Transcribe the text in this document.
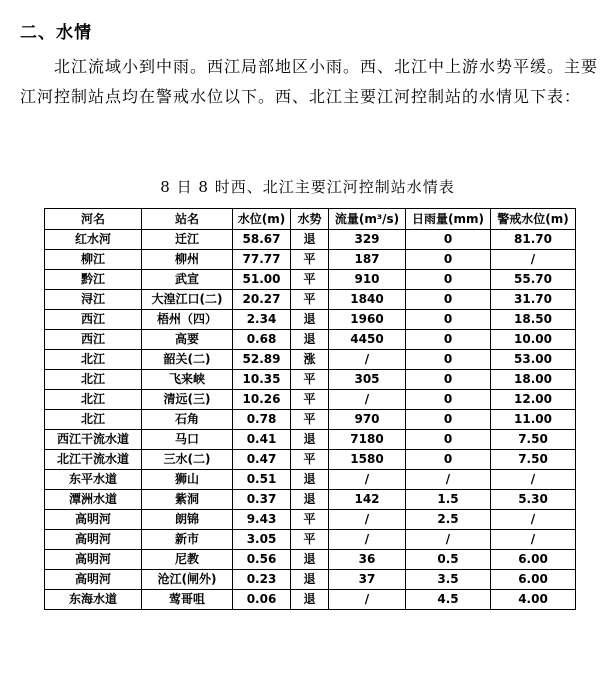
二、水情
北江流域小到中雨。西江局部地区小雨。西、北江中上游水势平缓。主要江河控制站点均在警戒水位以下。西、北江主要江河控制站的水情见下表：
8 日 8 时西、北江主要江河控制站水情表
河名	站名	水位(m)	水势	流量(m³/s)	日雨量(mm)	警戒水位(m)
红水河	迁江	58.67	退	329	0	81.70
柳江	柳州	77.77	平	187	0	/
黔江	武宣	51.00	平	910	0	55.70
浔江	大湟江口(二)	20.27	平	1840	0	31.70
西江	梧州（四）	2.34	退	1960	0	18.50
西江	高要	0.68	退	4450	0	10.00
北江	韶关(二)	52.89	涨	/	0	53.00
北江	飞来峡	10.35	平	305	0	18.00
北江	清远(三)	10.26	平	/	0	12.00
北江	石角	0.78	平	970	0	11.00
西江干流水道	马口	0.41	退	7180	0	7.50
北江干流水道	三水(二)	0.47	平	1580	0	7.50
东平水道	狮山	0.51	退	/	/	/
潭洲水道	紫洞	0.37	退	142	1.5	5.30
高明河	朗锦	9.43	平	/	2.5	/
高明河	新市	3.05	平	/	/	/
高明河	尼教	0.56	退	36	0.5	6.00
高明河	沧江(闸外)	0.23	退	37	3.5	6.00
东海水道	莺哥咀	0.06	退	/	4.5	4.00
